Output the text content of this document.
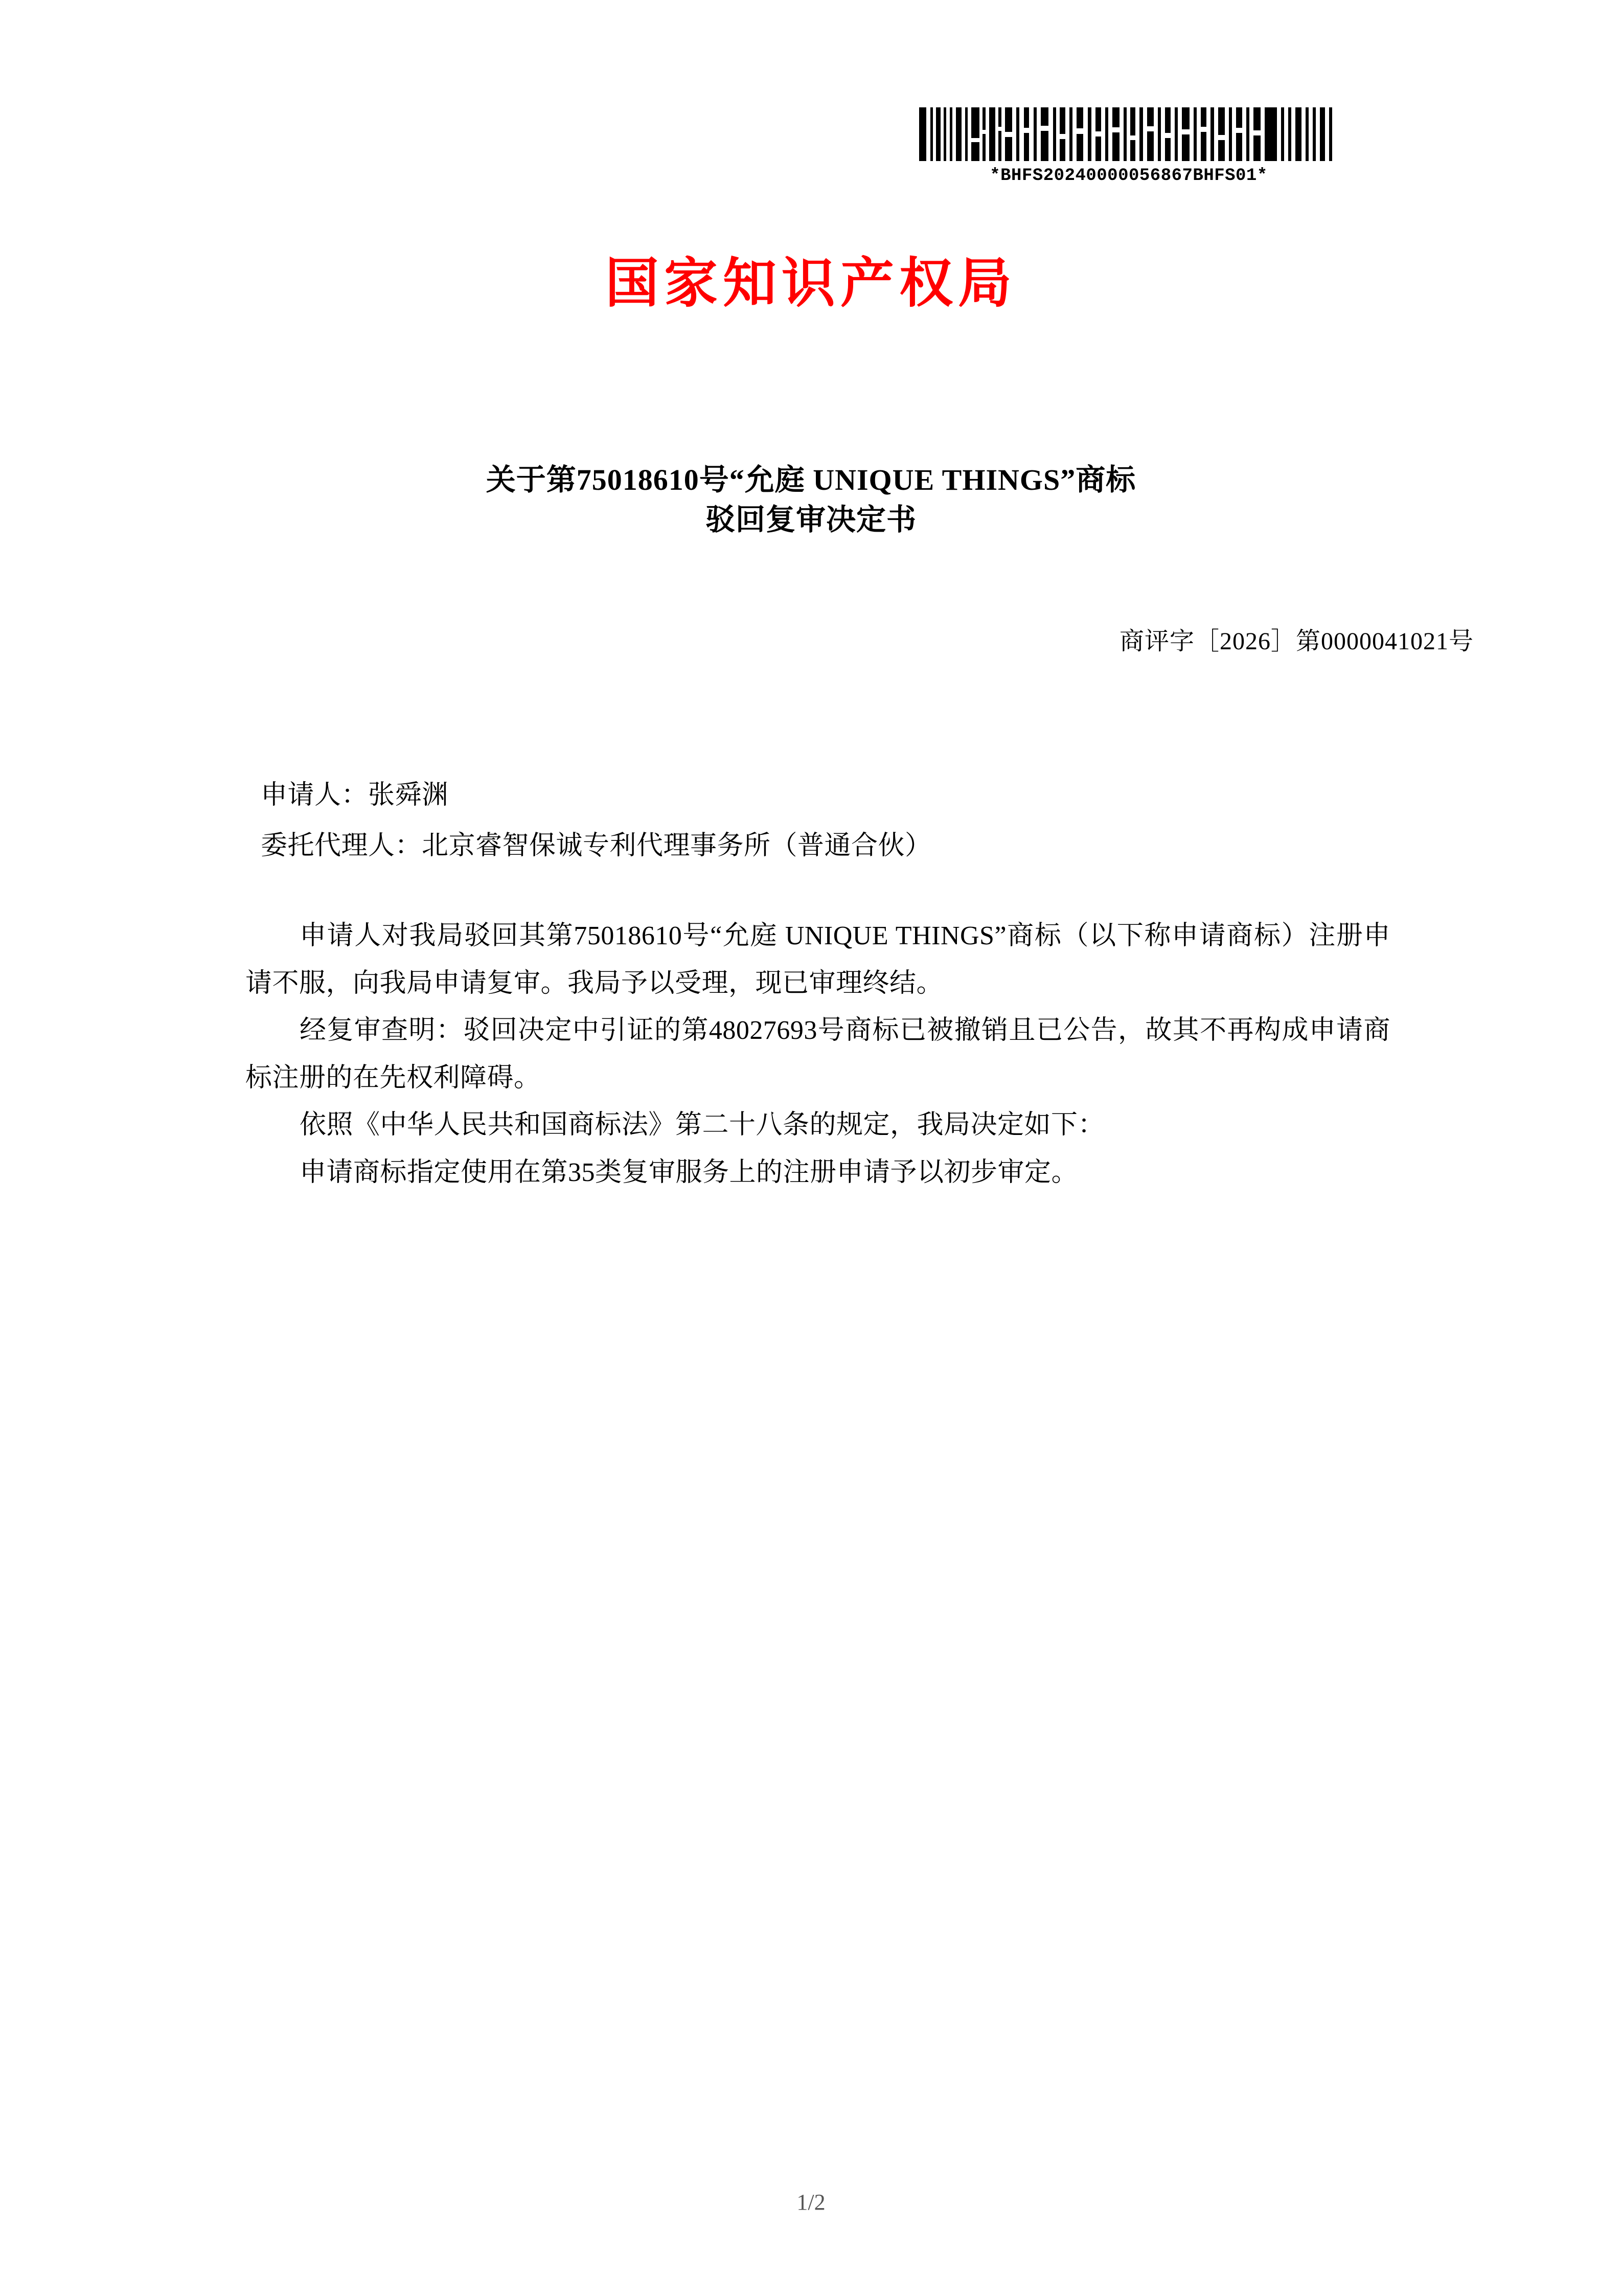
*BHFS20240000056867BHFS01*
国家知识产权局
关于第75018610号“允庭 UNIQUE THINGS”商标
驳回复审决定书
商评字［2026］第0000041021号

申请人：张舜渊

委托代理人：北京睿智保诚专利代理事务所（普通合伙）

申请人对我局驳回其第75018610号“允庭 UNIQUE THINGS”商标（以下称申请商标）注册申请不服，向我局申请复审。我局予以受理，现已审理终结。

经复审查明：驳回决定中引证的第48027693号商标已被撤销且已公告，故其不再构成申请商标注册的在先权利障碍。

依照《中华人民共和国商标法》第二十八条的规定，我局决定如下：

申请商标指定使用在第35类复审服务上的注册申请予以初步审定。

1/2
